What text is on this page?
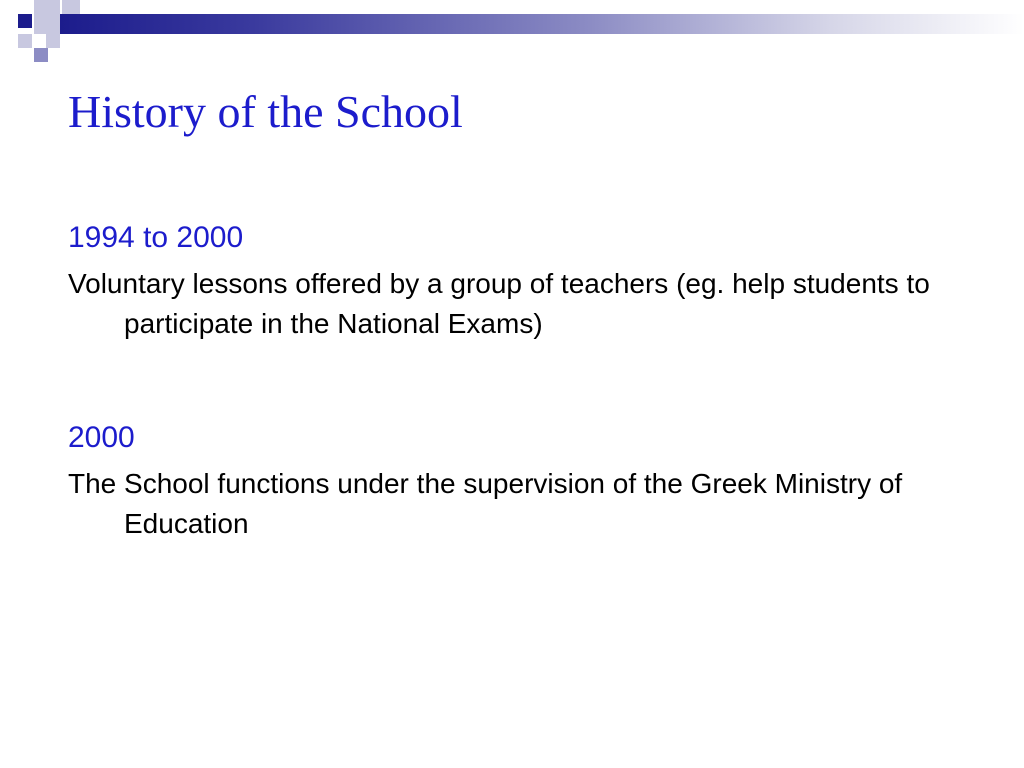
History of the School

1994 to 2000

Voluntary lessons offered by a group of teachers (eg. help students to participate in the National Exams)

2000

The School functions under the supervision of the Greek Ministry of Education
